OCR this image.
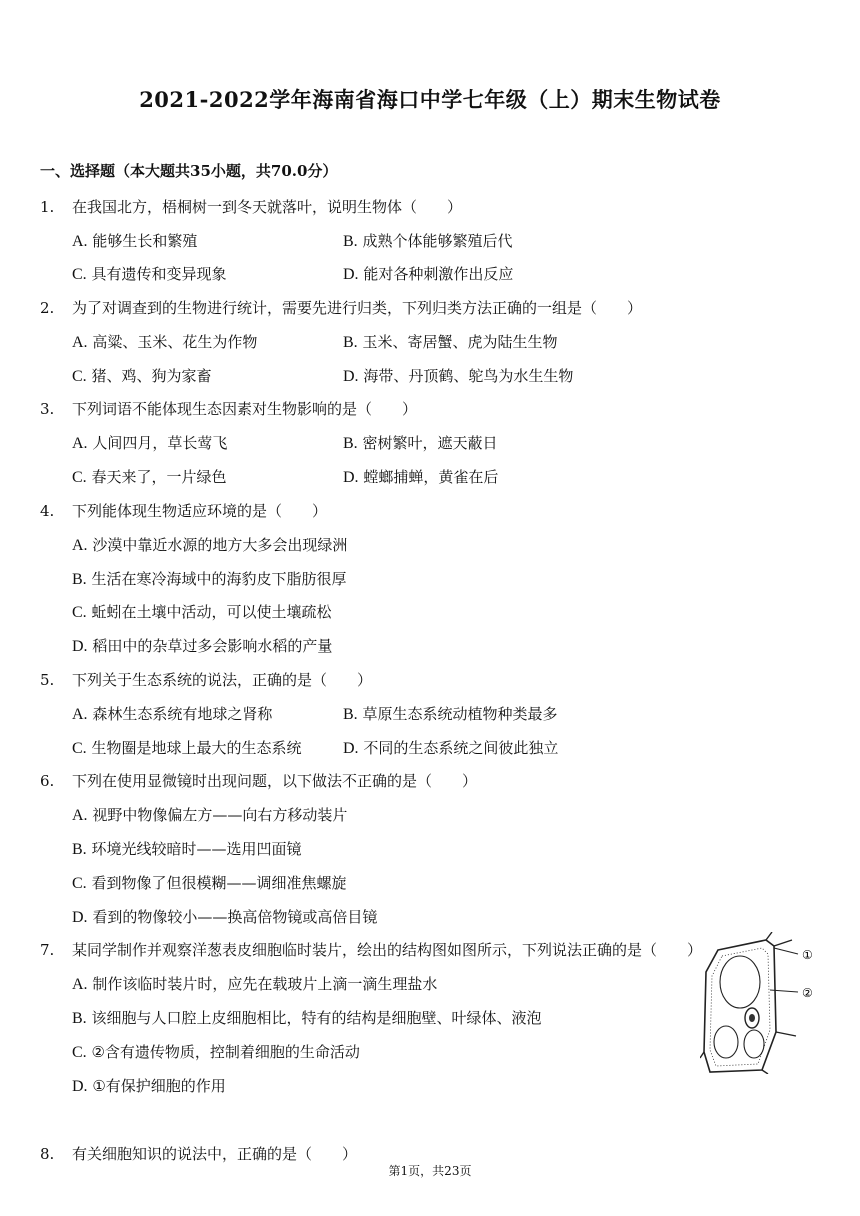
2021-2022学年海南省海口中学七年级（上）期末生物试卷
一、选择题（本大题共35小题，共70.0分）
1. 在我国北方，梧桐树一到冬天就落叶，说明生物体（　　）
A. 能够生长和繁殖	B. 成熟个体能够繁殖后代
C. 具有遗传和变异现象	D. 能对各种刺激作出反应
2. 为了对调查到的生物进行统计，需要先进行归类，下列归类方法正确的一组是（　　）
A. 高粱、玉米、花生为作物	B. 玉米、寄居蟹、虎为陆生生物
C. 猪、鸡、狗为家畜	D. 海带、丹顶鹤、鸵鸟为水生生物
3. 下列词语不能体现生态因素对生物影响的是（　　）
A. 人间四月，草长莺飞	B. 密树繁叶，遮天蔽日
C. 春天来了，一片绿色	D. 螳螂捕蝉，黄雀在后
4. 下列能体现生物适应环境的是（　　）
A. 沙漠中靠近水源的地方大多会出现绿洲
B. 生活在寒冷海域中的海豹皮下脂肪很厚
C. 蚯蚓在土壤中活动，可以使土壤疏松
D. 稻田中的杂草过多会影响水稻的产量
5. 下列关于生态系统的说法，正确的是（　　）
A. 森林生态系统有地球之肾称	B. 草原生态系统动植物种类最多
C. 生物圈是地球上最大的生态系统	D. 不同的生态系统之间彼此独立
6. 下列在使用显微镜时出现问题，以下做法不正确的是（　　）
A. 视野中物像偏左方——向右方移动装片
B. 环境光线较暗时——选用凹面镜
C. 看到物像了但很模糊——调细准焦螺旋
D. 看到的物像较小——换高倍物镜或高倍目镜
7. 某同学制作并观察洋葱表皮细胞临时装片，绘出的结构图如图所示，下列说法正确的是（　　）
A. 制作该临时装片时，应先在载玻片上滴一滴生理盐水
B. 该细胞与人口腔上皮细胞相比，特有的结构是细胞壁、叶绿体、液泡
C. ②含有遗传物质，控制着细胞的生命活动
D. ①有保护细胞的作用
①
②
8. 有关细胞知识的说法中，正确的是（　　）
第1页，共23页
